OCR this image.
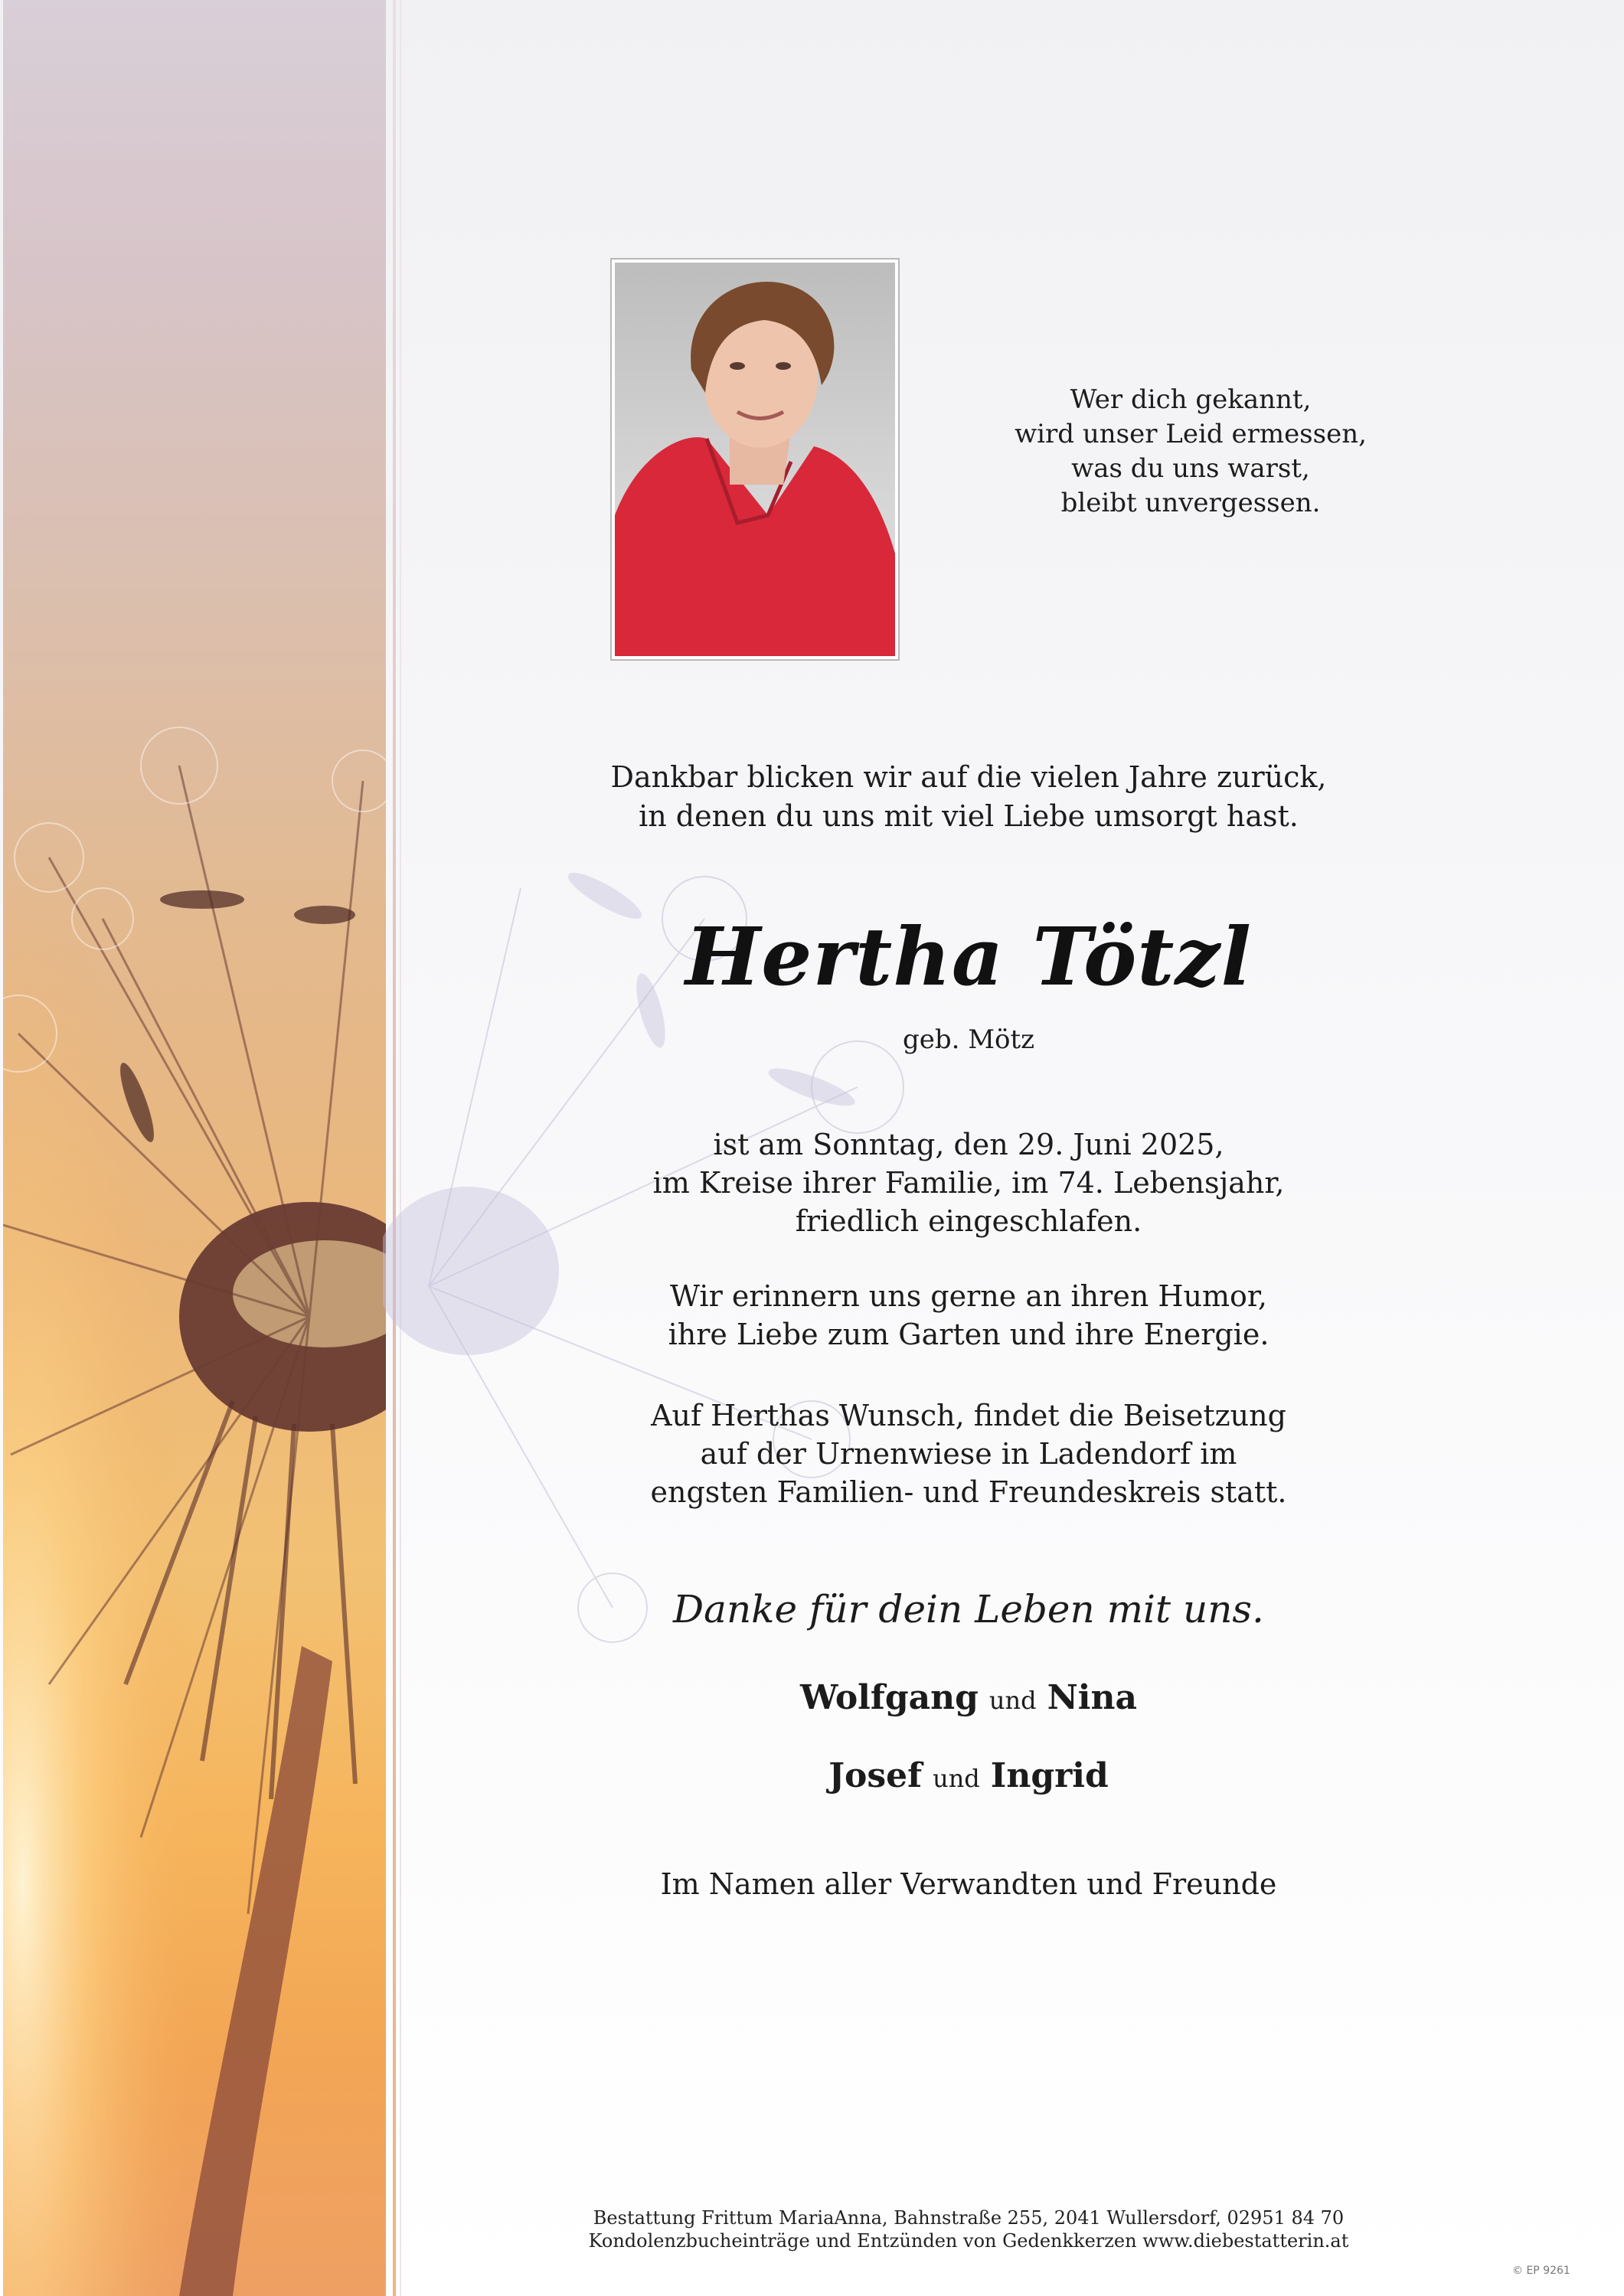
Wer dich gekannt,
wird unser Leid ermessen,
was du uns warst,
bleibt unvergessen.
Dankbar blicken wir auf die vielen Jahre zurück,
in denen du uns mit viel Liebe umsorgt hast.
Hertha Tötzl
geb. Mötz
ist am Sonntag, den 29. Juni 2025,
im Kreise ihrer Familie, im 74. Lebensjahr,
friedlich eingeschlafen.
Wir erinnern uns gerne an ihren Humor,
ihre Liebe zum Garten und ihre Energie.
Auf Herthas Wunsch, findet die Beisetzung
auf der Urnenwiese in Ladendorf im
engsten Familien- und Freundeskreis statt.
Danke für dein Leben mit uns.
Wolfgang und Nina
Josef und Ingrid
Im Namen aller Verwandten und Freunde
Bestattung Frittum MariaAnna, Bahnstraße 255, 2041 Wullersdorf, 02951 84 70
Kondolenzbucheinträge und Entzünden von Gedenkkerzen www.diebestatterin.at
© EP 9261
